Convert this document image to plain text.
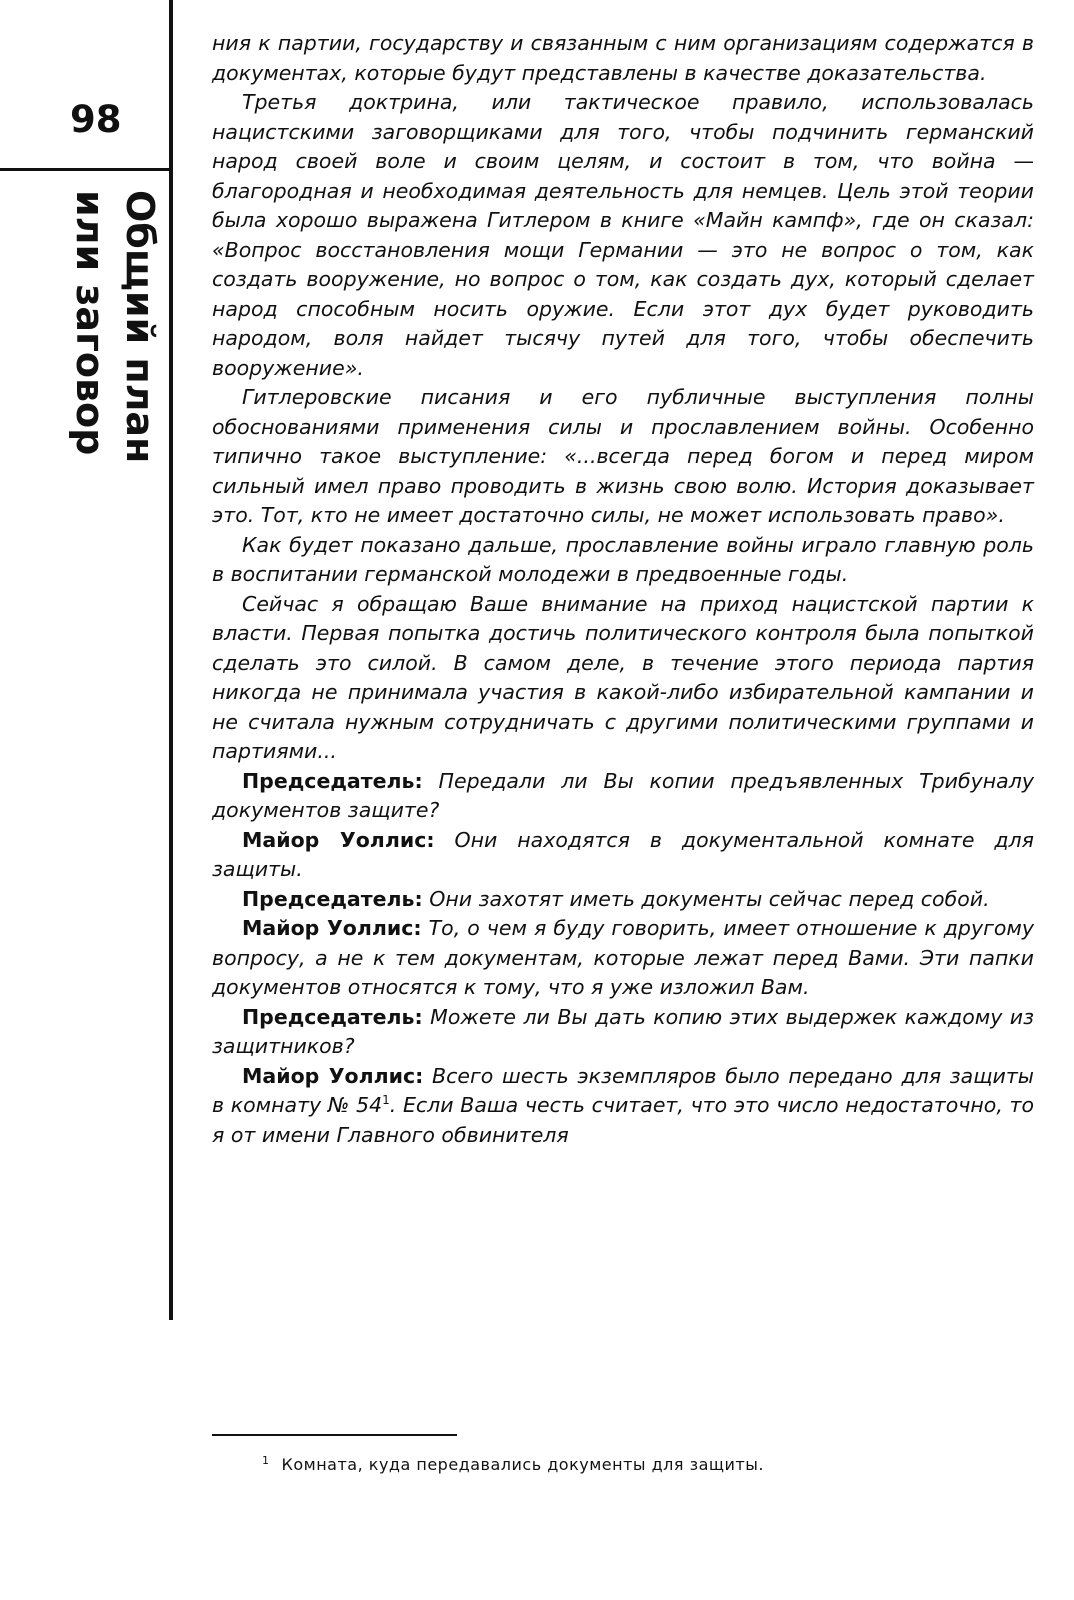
98
Общий план
или заговор

ния к партии, государству и связанным с ним организациям содержатся в документах, которые будут представлены в качестве доказательства.

Третья доктрина, или тактическое правило, использовалась нацистскими заговорщиками для того, чтобы подчинить германский народ своей воле и своим целям, и состоит в том, что война — благородная и необходимая деятельность для немцев. Цель этой теории была хорошо выражена Гитлером в книге «Майн кампф», где он сказал: «Вопрос восстановления мощи Германии — это не вопрос о том, как создать вооружение, но вопрос о том, как создать дух, который сделает народ способным носить оружие. Если этот дух будет руководить народом, воля найдет тысячу путей для того, чтобы обеспечить вооружение».

Гитлеровские писания и его публичные выступления полны обоснованиями применения силы и прославлением войны. Особенно типично такое выступление: «...всегда перед богом и перед миром сильный имел право проводить в жизнь свою волю. История доказывает это. Тот, кто не имеет достаточно силы, не может использовать право».

Как будет показано дальше, прославление войны играло главную роль в воспитании германской молодежи в предвоенные годы.

Сейчас я обращаю Ваше внимание на приход нацистской партии к власти. Первая попытка достичь политического контроля была попыткой сделать это силой. В самом деле, в течение этого периода партия никогда не принимала участия в какой-либо избирательной кампании и не считала нужным сотрудничать с другими политическими группами и партиями...

Председатель: Передали ли Вы копии предъявленных Трибуналу документов защите?

Майор Уоллис: Они находятся в документальной комнате для защиты.

Председатель: Они захотят иметь документы сейчас перед собой.

Майор Уоллис: То, о чем я буду говорить, имеет отношение к другому вопросу, а не к тем документам, которые лежат перед Вами. Эти папки документов относятся к тому, что я уже изложил Вам.

Председатель: Можете ли Вы дать копию этих выдержек каждому из защитников?

Майор Уоллис: Всего шесть экземпляров было передано для защиты в комнату № $54^1$. Если Ваша честь считает, что это число недостаточно, то я от имени Главного обвинителя

$^1$ Комната, куда передавались документы для защиты.
